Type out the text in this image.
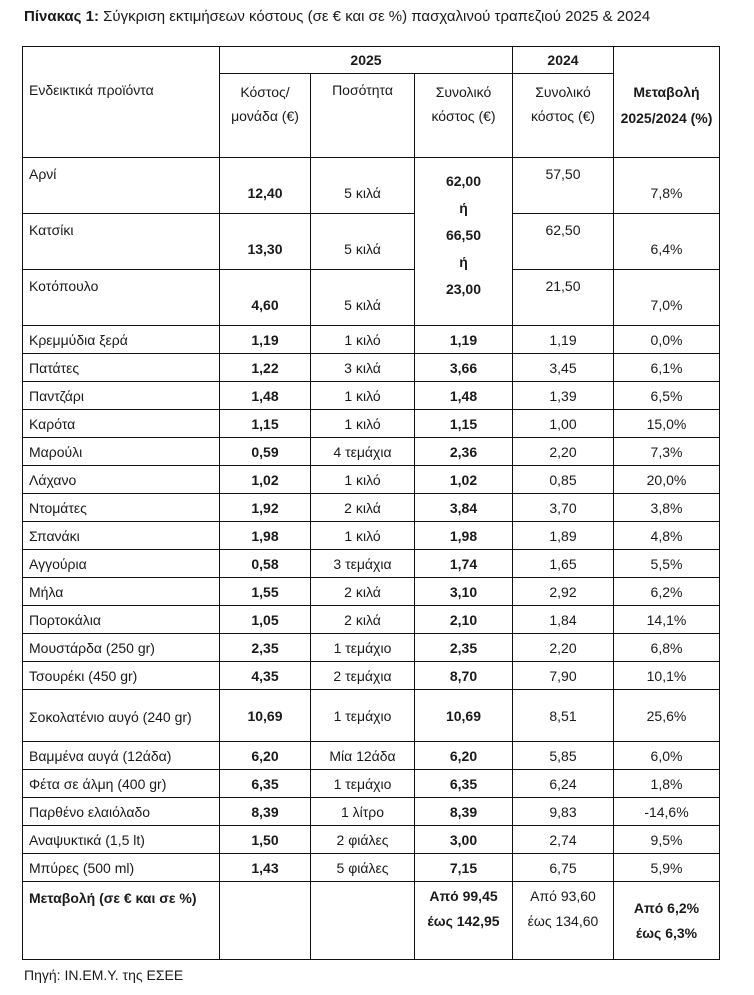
Πίνακας 1: Σύγκριση εκτιμήσεων κόστους (σε € και σε %) πασχαλινού τραπεζιού 2025 & 2024
	2025			2024	Μεταβολή 2025/2024 (%)
Ενδεικτικά προϊόντα	Κόστος/ μονάδα (€)	Ποσότητα	Συνολικό κόστος (€)	Συνολικό κόστος (€)	
Αρνί	12,40	5 κιλά	62,00
ή
66,50
ή
23,00	57,50	7,8%
Κατσίκι	13,30	5 κιλά		62,50	6,4%
Κοτόπουλο	4,60	5 κιλά		21,50	7,0%
Κρεμμύδια ξερά	1,19	1 κιλό	1,19	1,19	0,0%
Πατάτες	1,22	3 κιλά	3,66	3,45	6,1%
Παντζάρι	1,48	1 κιλό	1,48	1,39	6,5%
Καρότα	1,15	1 κιλό	1,15	1,00	15,0%
Μαρούλι	0,59	4 τεμάχια	2,36	2,20	7,3%
Λάχανο	1,02	1 κιλό	1,02	0,85	20,0%
Ντομάτες	1,92	2 κιλά	3,84	3,70	3,8%
Σπανάκι	1,98	1 κιλό	1,98	1,89	4,8%
Αγγούρια	0,58	3 τεμάχια	1,74	1,65	5,5%
Μήλα	1,55	2 κιλά	3,10	2,92	6,2%
Πορτοκάλια	1,05	2 κιλά	2,10	1,84	14,1%
Μουστάρδα (250 gr)	2,35	1 τεμάχιο	2,35	2,20	6,8%
Τσουρέκι (450 gr)	4,35	2 τεμάχια	8,70	7,90	10,1%
Σοκολατένιο αυγό (240 gr)	10,69	1 τεμάχιο	10,69	8,51	25,6%
Βαμμένα αυγά (12άδα)	6,20	Μία 12άδα	6,20	5,85	6,0%
Φέτα σε άλμη (400 gr)	6,35	1 τεμάχιο	6,35	6,24	1,8%
Παρθένο ελαιόλαδο	8,39	1 λίτρο	8,39	9,83	-14,6%
Αναψυκτικά (1,5 lt)	1,50	2 φιάλες	3,00	2,74	9,5%
Μπύρες (500 ml)	1,43	5 φιάλες	7,15	6,75	5,9%
Μεταβολή (σε € και σε %)			Από 99,45 έως 142,95	Από 93,60 έως 134,60	Από 6,2% έως 6,3%
Πηγή: IN.EM.Y. της ΕΣΕΕ
